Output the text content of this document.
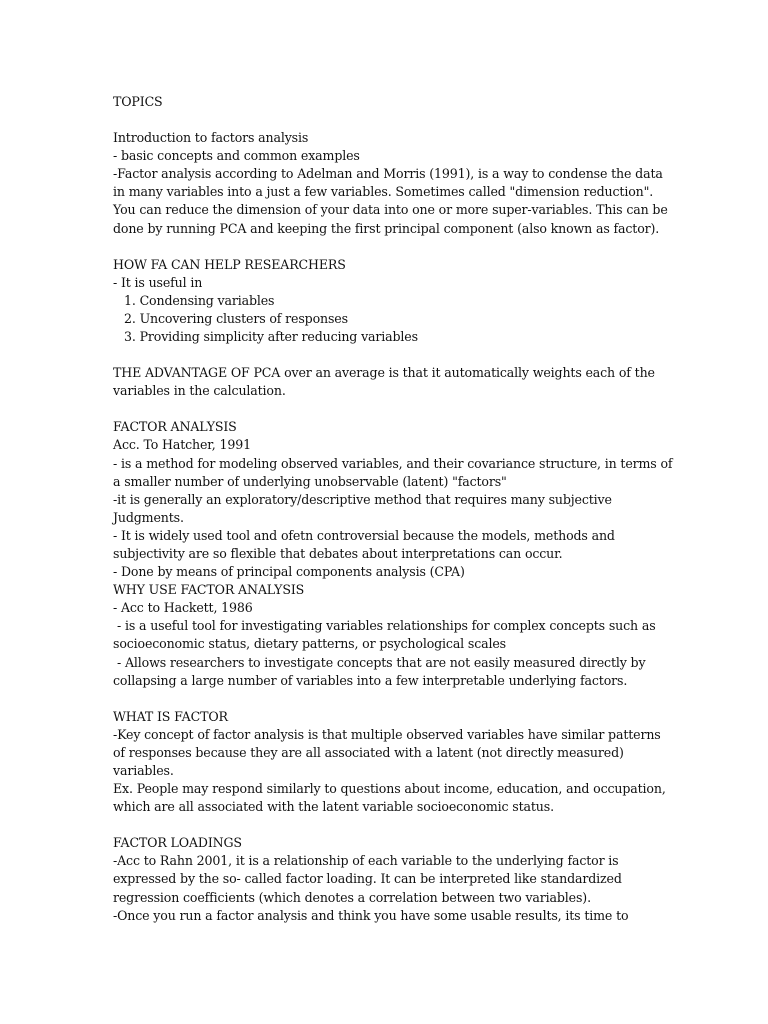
TOPICS

Introduction to factors analysis

- basic concepts and common examples

-Factor analysis according to Adelman and Morris (1991), is a way to condense the data

in many variables into a just a few variables. Sometimes called "dimension reduction".

You can reduce the dimension of your data into one or more super-variables. This can be

done by running PCA and keeping the first principal component (also known as factor).

HOW FA CAN HELP RESEARCHERS

- It is useful in

1. Condensing variables

2. Uncovering clusters of responses

3. Providing simplicity after reducing variables

THE ADVANTAGE OF PCA over an average is that it automatically weights each of the

variables in the calculation.

FACTOR ANALYSIS

Acc. To Hatcher, 1991

- is a method for modeling observed variables, and their covariance structure, in terms of

a smaller number of underlying unobservable (latent) "factors"

-it is generally an exploratory/descriptive method that requires many subjective

Judgments.

- It is widely used tool and ofetn controversial because the models, methods and

subjectivity are so flexible that debates about interpretations can occur.

- Done by means of principal components analysis (CPA)

WHY USE FACTOR ANALYSIS

- Acc to Hackett, 1986

- is a useful tool for investigating variables relationships for complex concepts such as

socioeconomic status, dietary patterns, or psychological scales

- Allows researchers to investigate concepts that are not easily measured directly by

collapsing a large number of variables into a few interpretable underlying factors.

WHAT IS FACTOR

-Key concept of factor analysis is that multiple observed variables have similar patterns

of responses because they are all associated with a latent (not directly measured)

variables.

Ex. People may respond similarly to questions about income, education, and occupation,

which are all associated with the latent variable socioeconomic status.

FACTOR LOADINGS

-Acc to Rahn 2001, it is a relationship of each variable to the underlying factor is

expressed by the so- called factor loading. It can be interpreted like standardized

regression coefficients (which denotes a correlation between two variables).

-Once you run a factor analysis and think you have some usable results, its time to
